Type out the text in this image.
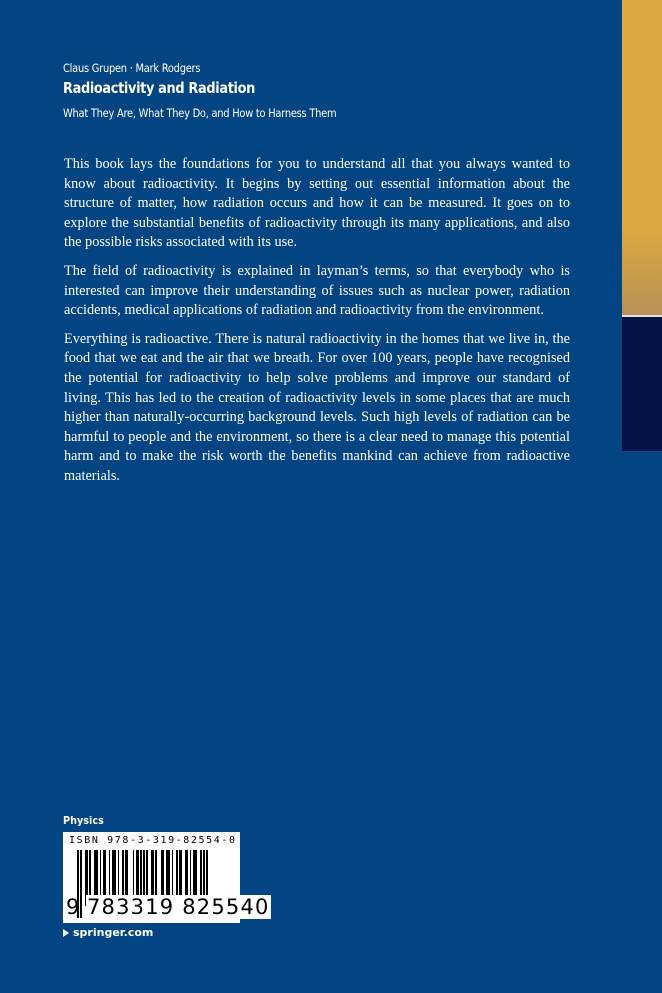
Claus Grupen · Mark Rodgers
Radioactivity and Radiation
What They Are, What They Do, and How to Harness Them

This book lays the foundations for you to understand all that you always wanted to know about radioactivity. It begins by setting out essential information about the structure of matter, how radiation occurs and how it can be measured. It goes on to explore the substantial benefits of radioactivity through its many applications, and also the possible risks associated with its use.

The field of radioactivity is explained in layman’s terms, so that everybody who is interested can improve their understanding of issues such as nuclear power, radiation accidents, medical applications of radiation and radioactivity from the environment.

Everything is radioactive. There is natural radioactivity in the homes that we live in, the food that we eat and the air that we breath. For over 100 years, people have recognised the potential for radioactivity to help solve problems and improve our standard of living. This has led to the creation of radioactivity levels in some places that are much higher than naturally-occurring background levels. Such high levels of radiation can be harmful to people and the environment, so there is a clear need to manage this potential harm and to make the risk worth the benefits mankind can achieve from radioactive materials.

Physics
ISBN 978-3-319-82554-0
9 783319 825540
springer.com
